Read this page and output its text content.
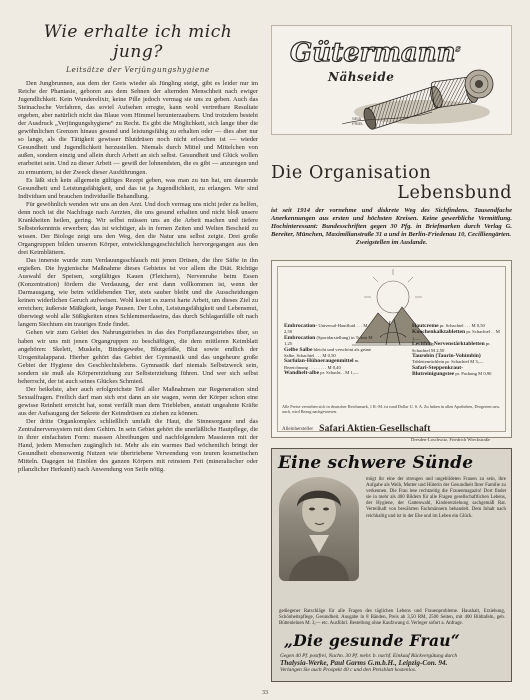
Wie erhalte ich mich jung?
Leitsätze der Verjüngungshygiene

Den Jungbrunnen, aus dem der Greis wieder als Jüngling steigt, gibt es leider nur im Reiche der Phantasie, geboren aus dem Sehnen der alternden Menschheit nach ewiger Jugendlichkeit. Kein Wunderelixir, keine Pille jedoch vermag sie uns zu geben. Auch das Steinachsche Verfahren, das soviel Aufsehen erregte, kann wohl vertretbare Resultate ergeben, aber natürlich nicht das Blaue vom Himmel herunterzaubern. Und trotzdem besteht der Ausdruck „Verjüngungshygiene“ zu Recht. Es gibt die Möglichkeit, sich lange über die gewöhnlichen Grenzen hinaus gesund und leistungsfähig zu erhalten oder — dies aber nur so lange, als die Tätigkeit gewisser Blutdrüsen noch nicht erloschen ist — wieder Gesundheit und Jugendlichkeit herzustellen. Niemals durch Mittel und Mittelchen von außen, sondern einzig und allein durch Arbeit an sich selbst. Gesundheit und Glück wollen erarbeitet sein. Und zu dieser Arbeit — gewiß der lohnendsten, die es gibt — anzuregen und zu ermuntern, ist der Zweck dieser Ausführungen.

Es läßt sich kein allgemein gültiges Rezept geben, was man zu tun hat, um dauernde Gesundheit und Leistungsfähigkeit, und das ist ja Jugendlichkeit, zu erlangen. Wir sind Individuen und brauchen individuelle Behandlung.

Für gewöhnlich wenden wir uns an den Arzt. Und doch vermag uns nicht jeder zu helfen, denn noch ist die Nachfrage nach Aerzten, die uns gesund erhalten und nicht bloß unsere Krankheiten heilen, gering. Wir selbst müssen uns an die Arbeit machen und tiefere Selbsterkenntnis erwerben; das ist wichtiger, als in fernen Zeiten und Welten Bescheid zu wissen. Der Biologe zeigt uns den Weg, den die Natur uns selbst zeigte. Drei große Organgruppen bilden unseren Körper, entwicklungsgeschichtlich hervorgegangen aus den drei Keimblättern.

Das innerste wurde zum Verdauungsschlauch mit jenen Drüsen, die ihre Säfte in ihn ergießen. Die hygienische Maßnahme dieses Gebietes ist vor allem die Diät. Richtige Auswahl der Speisen, sorgfältiges Kauen (Fletchern), Nervenruhe beim Essen (Konzentration) fördern die Verdauung, der erst dann vollkommen ist, wenn der Darmausgang, wie beim wildlebenden Tier, stets sauber bleibt und die Ausscheidungen keinen widerlichen Geruch aufweisen. Wohl kostet es zuerst harte Arbeit, um dieses Ziel zu erreichen; äußerste Mäßigkeit, lange Pausen. Der Lohn, Leistungsfähigkeit und Lebensmut, überwiegt wohl alle Süßigkeiten eines Schlemmerdaseins, das durch Schlaganfälle oft nach langem Siechtum ein trauriges Ende findet.

Gehen wir zum Gebiet des Nahrungstriebes in das des Fortpflanzungstriebes über, so haben wir uns mit jenen Organgruppen zu beschäftigen, die dem mittleren Keimblatt angehören: Skelett, Muskeln, Bindegewebe, Blutgefäße, Blut sowie endlich der Urogenitalapparat. Hierher gehört das Gebiet der Gymnastik und das ungeheure große Gebiet der Hygiene des Geschlechtslebens. Gymnastik darf niemals Selbstzweck sein, sondern sie muß als Körpererziehung zur Selbsterziehung führen. Und wer sich selbst beherrscht, der ist auch seines Glückes Schmied.

Der beikelste, aber auch erfolgreichste Teil aller Maßnahmen zur Regeneration sind Sexualfragen. Freilich darf man sich erst dann an sie wagen, wenn der Körper schon eine gewisse Reinheit erreicht hat, sonst verfällt man dem Triebleben, anstatt ungeahnte Kräfte aus der Aufsaugung der Sekrete der Keimdrüsen zu ziehen zu können.

Der dritte Organkomplex schließlich umfaßt die Haut, die Sinnesorgane und das Zentralnervensystem mit dem Gehirn. In sein Gebiet gehört die unerläßliche Hautpflege, die in ihrer einfachsten Form: massen Abreibungen und nachfolgendem Massieren mit der Hand, jedem Menschen zugänglich ist. Mehr als ein warmes Bad wöchentlich bringt der Gesundheit ebensowenig Nutzen wie übertriebene Verwendung von teuren kosmetischen Mitteln. Dagegen ist Einölen des ganzen Körpers mit reinstem Fett (mineralischer oder pflanzlicher Herkunft) nach Anwendung von Seife nötig.

Gütermann$^s$
Nähseide
SEIB
FRIEL
Die Organisation
Lebensbund
ist seit 1914 der vornehme und diskrete Weg des Sichfindens. Tausendfache Anerkennungen aus ersten und höchsten Kreisen. Keine gewerbliche Vermittlung. Hochinteressant: Bundesschriften gegen 30 Pfg. in Briefmarken durch Verlag G. Bereiter, München, Maximilianstraße 31 a und in Berlin-Friedenau 10, Cecilliengärten.
Zweigstellen im Auslande.
Embrocation- Universal-Hautfluid . . . M 2,50
Embrocation (Sportdarstellung) in Tuben M 1,25
Gelbe Salbe bleicht und verschönt als grüne Salbe, Schachtel . . . M 0,50
Sarfulan-Hühneraugenmittel m. Bezeichnung . . . . . . . . M 0,40
Wandhelt-albe pr. Schacht. . M 1,—
Hautcreme pr. Schachtel . . . M 0,50
Knochenkalktabletten pr. Schachtel . . M 1,—
Lecithin-Nervenstärktabletten pr. Schachtel M 2,50
Taurobin (Taurin-Vohimbin) Tablettenrüchlein pr. Schachtel M 3,—
Safari-Steppenkraut-Blutreinigungstee pr. Packung M 0,90
Alle Preise verstehen sich in deutscher Reichsmark, 1 R.-M. ist rund Dollar U. S. A. Zu haben in allen Apotheken, Drogerien usw. auch, wird Bezug nachgewiesen.
Alleinhersteller Safari Aktien-Gesellschaft
Dresden-Loschwitz, Friedrich Wieckstraße
Eine schwere Sünde
mögt ihr eine der strengen und ungebildeten Frauen zu sein, ihre Aufgabe als Weib, Mutter und Hüterin der Gesundheit Ihrer Familie zu verkennen. Die Frau lese rechtzeitig die Frauenmagazin! Dort findet sie in mehr als 400 Bildern für alle Fragen gesellschaftlichen Lebens, der Hygiene, der Gattenwahl, Kindererziehung sachgemäß Rat. Verteilhaft von bewährten Fachmännern behandelt. Dem Inhalt nach reichhaltig und ist in der Ehe und im Leben ein Glück.
gediegener Ratschläge für alle Fragen des täglichen Lebens und Frauenprobleme. Haushalt, Erziehung, Schönheitspflege, Gesundheit. Ausgabe in 8 Bänden, Preis ab 3,50 RM, 2500 Seiten, mit 400 Bildtafeln, geb. Büttenleinen M. 3,— etc. Ausführl. Bestellung ohne Kaufzwang d. Verleger sofort a. Anfrage.
„Die gesunde Frau“
Gegen 40 Pf. postfrei, Nachn. 30 Pf. mehr. b. nachf. Einkauf Rückvergütung durch
Thalysia-Werke, Paul Garms G.m.b.H., Leipzig-Con. 94.
Verlangen Sie auch Prospekt 40 c und den Preisblatt kostenlos.
33
